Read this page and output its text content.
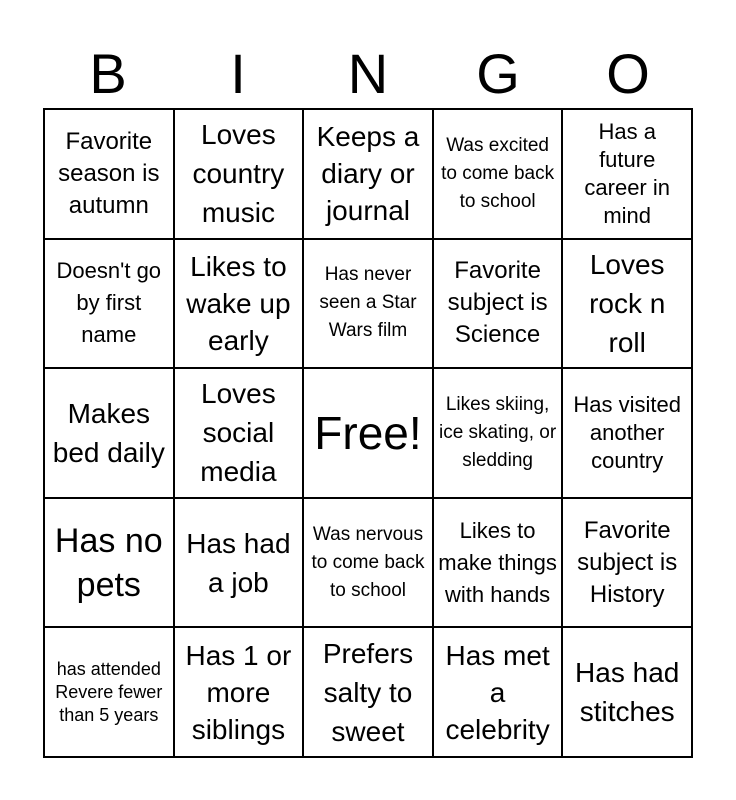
B	I	N	G	O
Favorite season is autumn
Loves country music
Keeps a diary or journal
Was excited to come back to school
Has a future career in mind
Doesn't go by first name
Likes to wake up early
Has never seen a Star Wars film
Favorite subject is Science
Loves rock n roll
Makes bed daily
Loves social media
Free!
Likes skiing, ice skating, or sledding
Has visited another country
Has no pets
Has had a job
Was nervous to come back to school
Likes to make things with hands
Favorite subject is History
has attended Revere fewer than 5 years
Has 1 or more siblings
Prefers salty to sweet
Has met a celebrity
Has had stitches
